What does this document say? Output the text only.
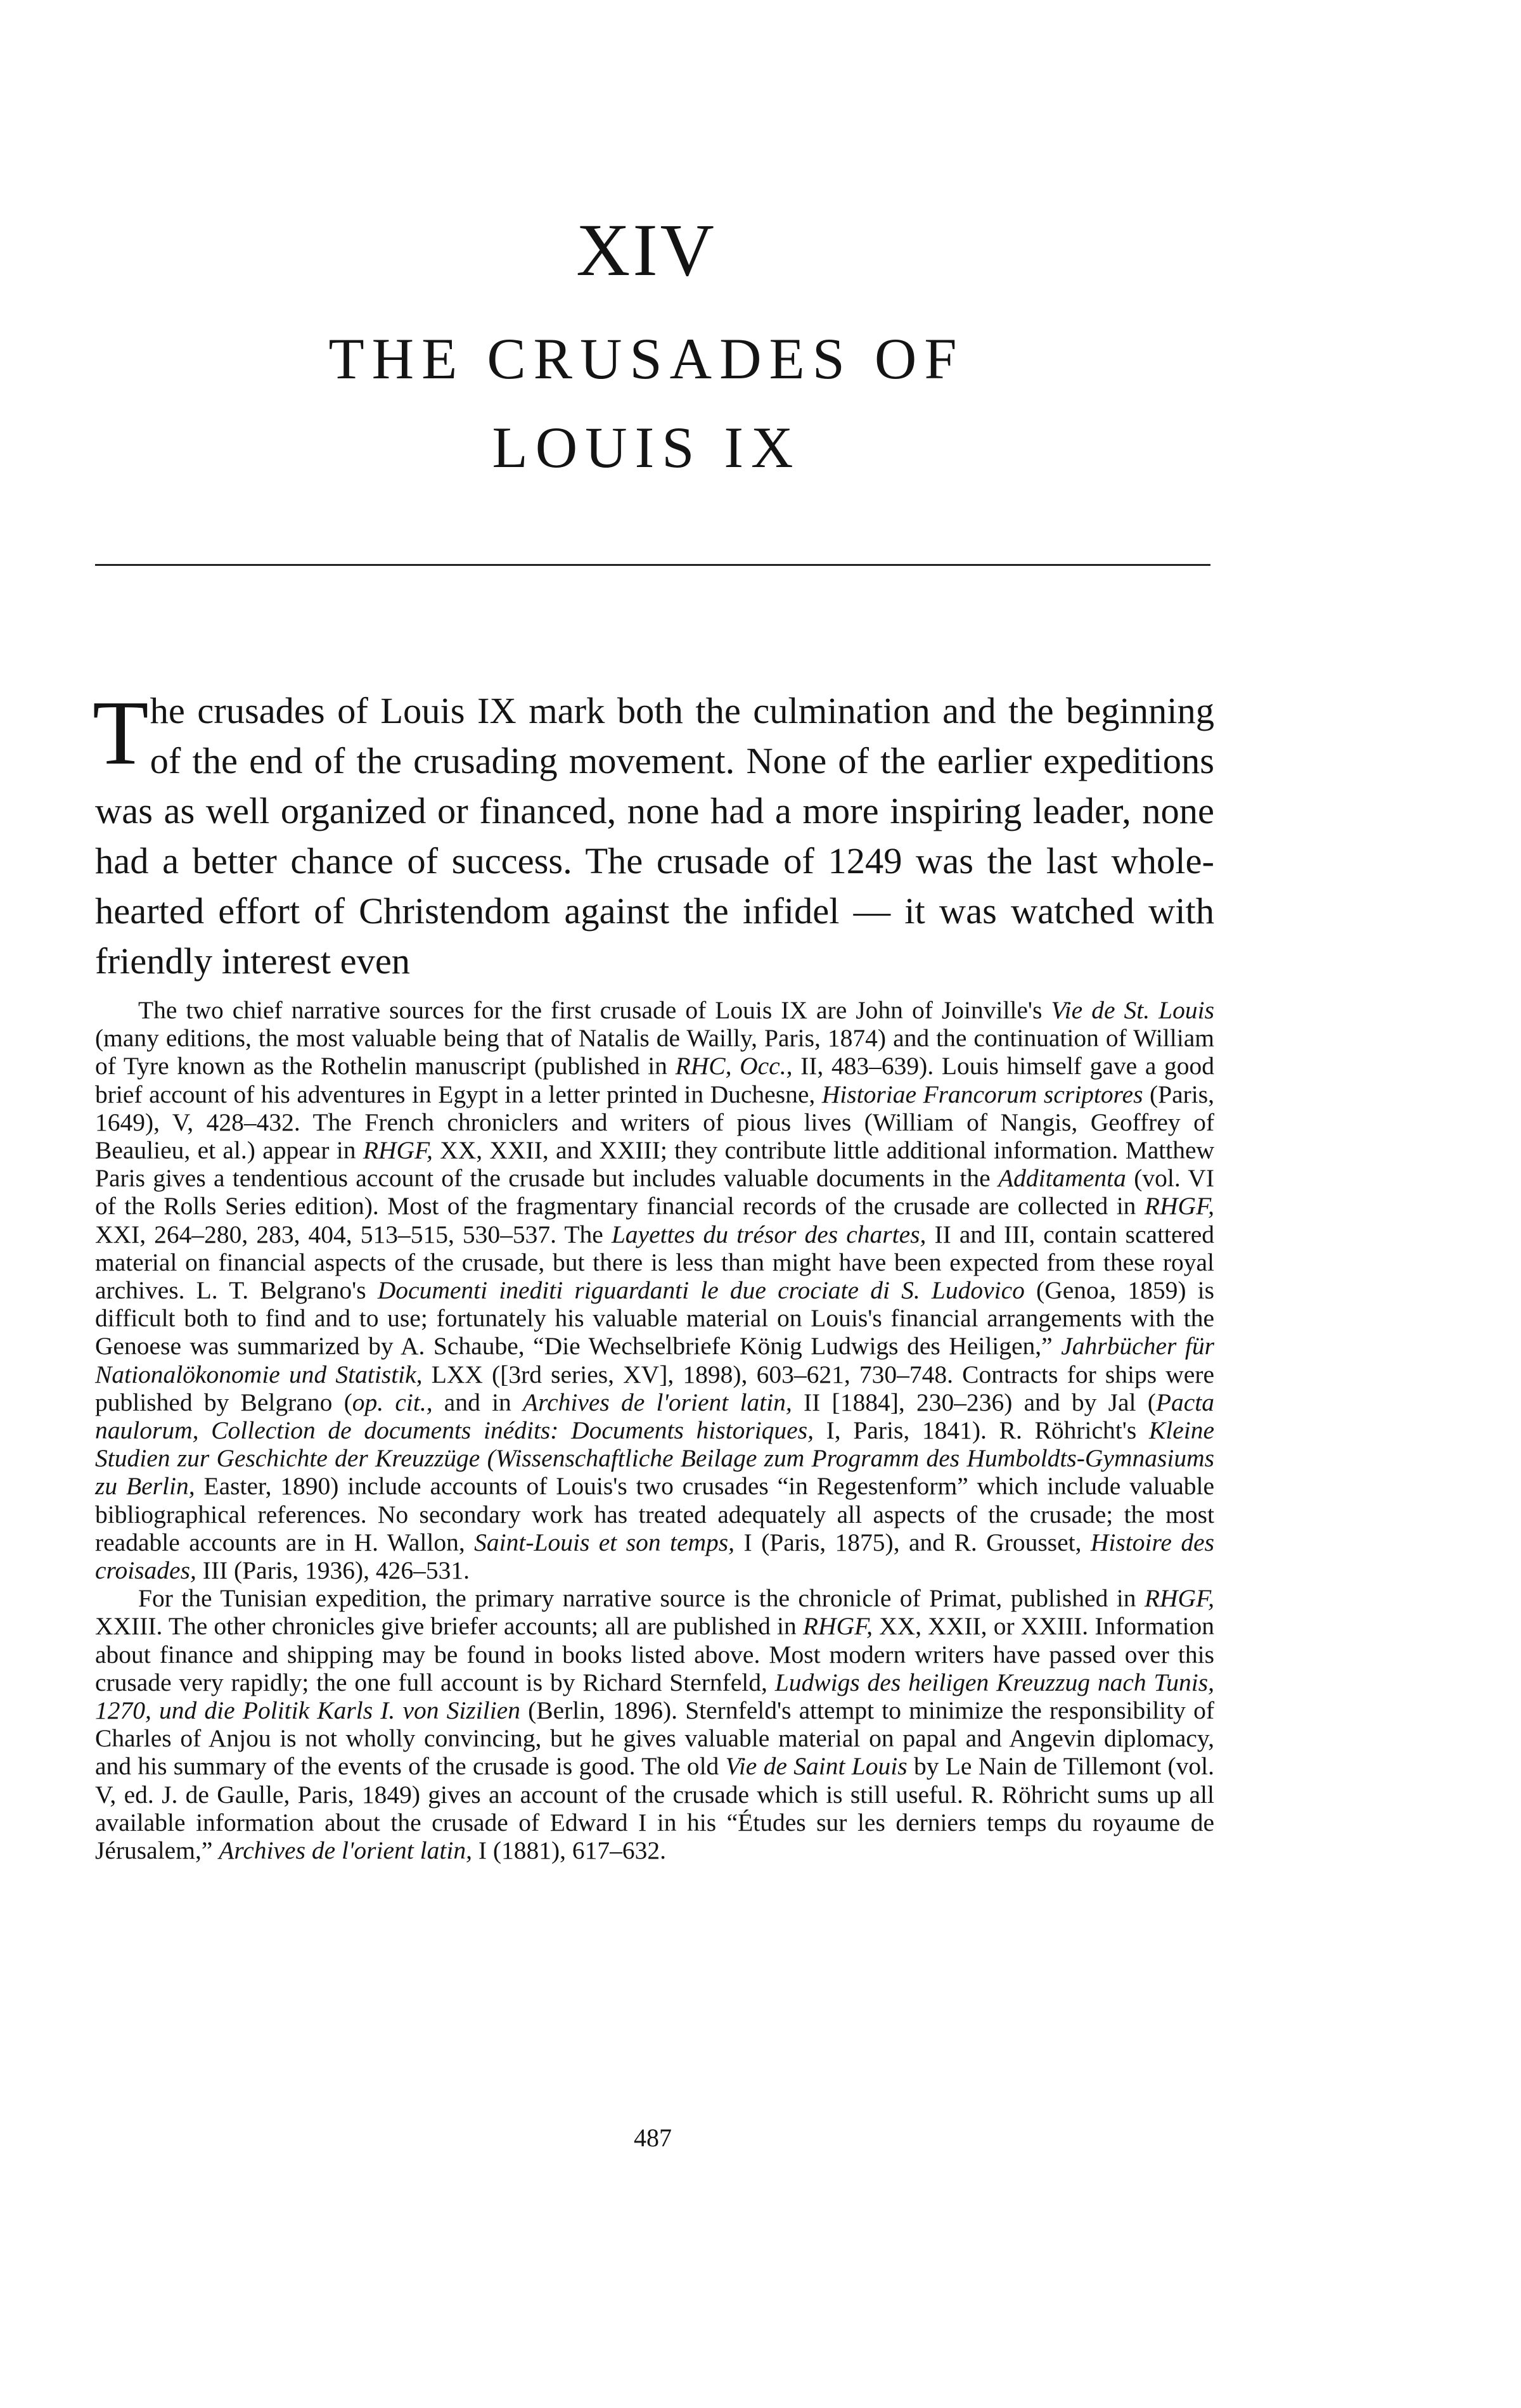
XIV
THE CRUSADES OF
LOUIS IX

The crusades of Louis IX mark both the culmination and the beginning of the end of the crusading movement. None of the earlier expeditions was as well organized or financed, none had a more inspiring leader, none had a better chance of success. The crusade of 1249 was the last whole-hearted effort of Christendom against the infidel — it was watched with friendly interest even

The two chief narrative sources for the first crusade of Louis IX are John of Joinville's Vie de St. Louis (many editions, the most valuable being that of Natalis de Wailly, Paris, 1874) and the continuation of William of Tyre known as the Rothelin manuscript (published in RHC, Occ., II, 483–639). Louis himself gave a good brief account of his adventures in Egypt in a letter printed in Duchesne, Historiae Francorum scriptores (Paris, 1649), V, 428–432. The French chroniclers and writers of pious lives (William of Nangis, Geoffrey of Beaulieu, et al.) appear in RHGF, XX, XXII, and XXIII; they contribute little additional information. Matthew Paris gives a tendentious account of the crusade but includes valuable documents in the Additamenta (vol. VI of the Rolls Series edition). Most of the fragmentary financial records of the crusade are collected in RHGF, XXI, 264–280, 283, 404, 513–515, 530–537. The Layettes du trésor des chartes, II and III, contain scattered material on financial aspects of the crusade, but there is less than might have been expected from these royal archives. L. T. Belgrano's Documenti inediti riguardanti le due crociate di S. Ludovico (Genoa, 1859) is difficult both to find and to use; fortunately his valuable material on Louis's financial arrangements with the Genoese was summarized by A. Schaube, “Die Wechselbriefe König Ludwigs des Heiligen,” Jahrbücher für Nationalökonomie und Statistik, LXX ([3rd series, XV], 1898), 603–621, 730–748. Contracts for ships were published by Belgrano (op. cit., and in Archives de l'orient latin, II [1884], 230–236) and by Jal (Pacta naulorum, Collection de documents inédits: Documents historiques, I, Paris, 1841). R. Röhricht's Kleine Studien zur Geschichte der Kreuzzüge (Wissenschaftliche Beilage zum Programm des Humboldts-Gymnasiums zu Berlin, Easter, 1890) include accounts of Louis's two crusades “in Regestenform” which include valuable bibliographical references. No secondary work has treated adequately all aspects of the crusade; the most readable accounts are in H. Wallon, Saint-Louis et son temps, I (Paris, 1875), and R. Grousset, Histoire des croisades, III (Paris, 1936), 426–531.

For the Tunisian expedition, the primary narrative source is the chronicle of Primat, published in RHGF, XXIII. The other chronicles give briefer accounts; all are published in RHGF, XX, XXII, or XXIII. Information about finance and shipping may be found in books listed above. Most modern writers have passed over this crusade very rapidly; the one full account is by Richard Sternfeld, Ludwigs des heiligen Kreuzzug nach Tunis, 1270, und die Politik Karls I. von Sizilien (Berlin, 1896). Sternfeld's attempt to minimize the responsibility of Charles of Anjou is not wholly convincing, but he gives valuable material on papal and Angevin diplomacy, and his summary of the events of the crusade is good. The old Vie de Saint Louis by Le Nain de Tillemont (vol. V, ed. J. de Gaulle, Paris, 1849) gives an account of the crusade which is still useful. R. Röhricht sums up all available information about the crusade of Edward I in his “Études sur les derniers temps du royaume de Jérusalem,” Archives de l'orient latin, I (1881), 617–632.

487
